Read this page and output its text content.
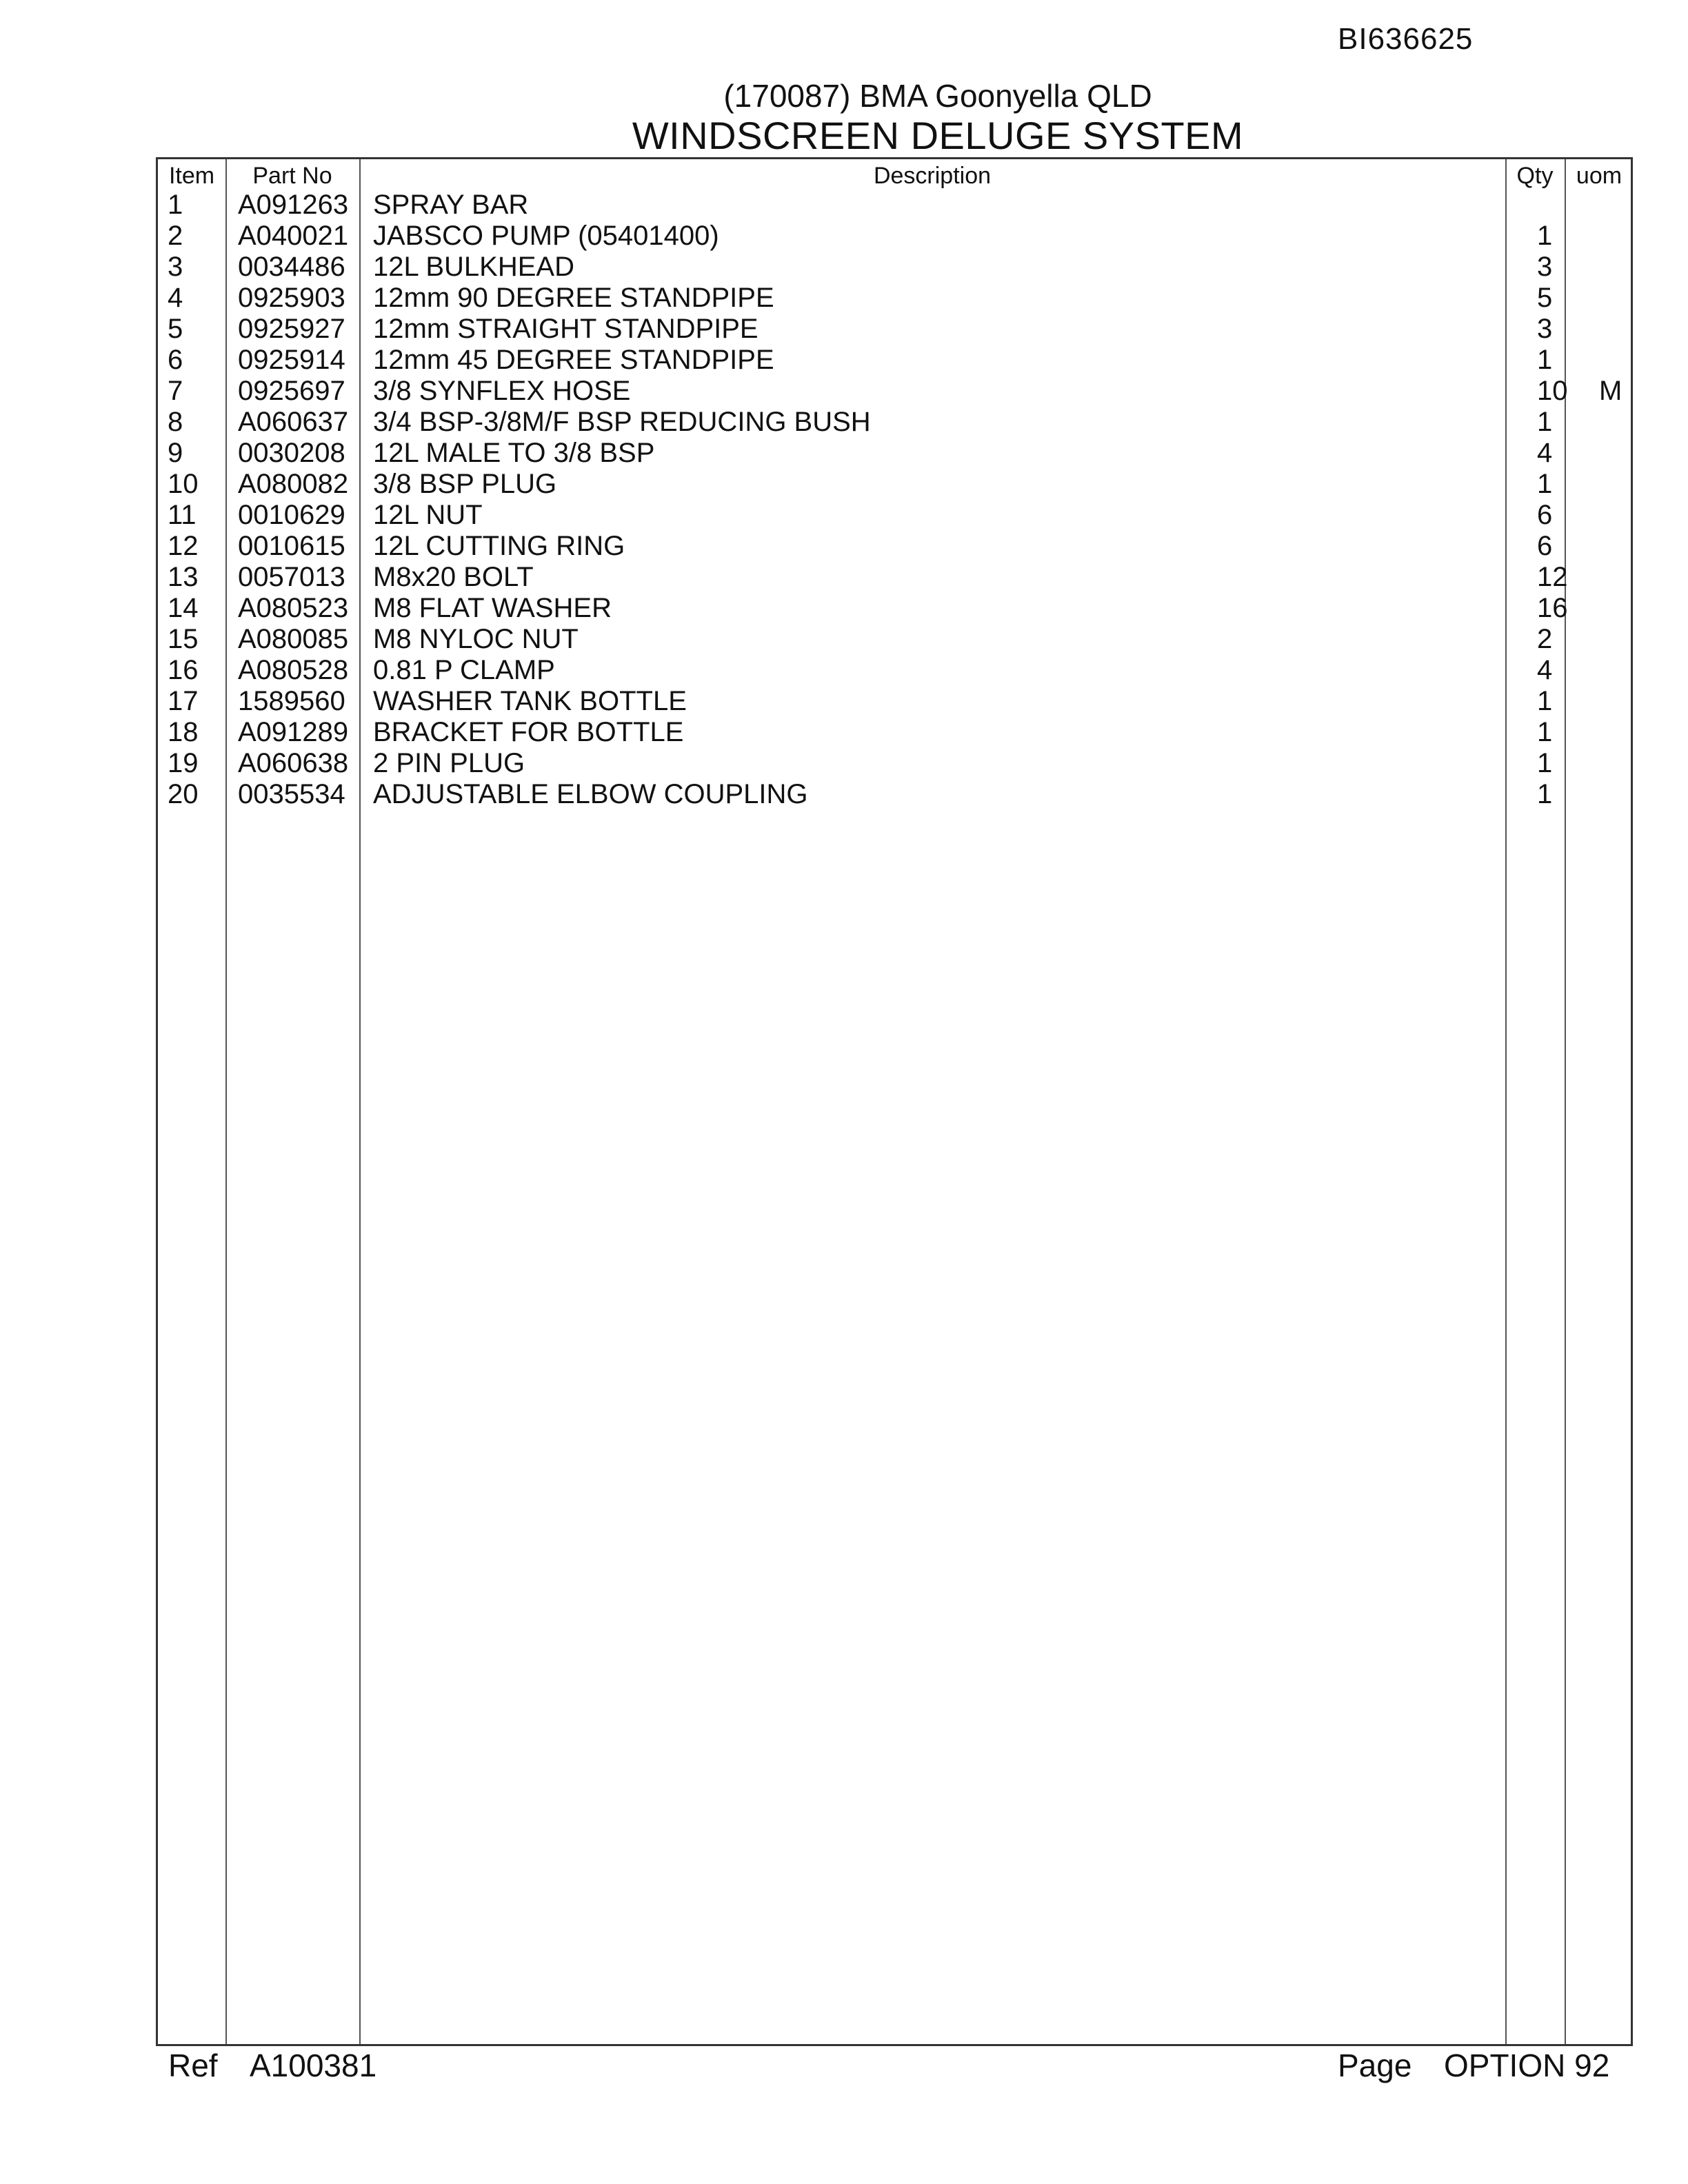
BI636625
(170087) BMA Goonyella QLD
WINDSCREEN DELUGE SYSTEM
Item	Part No	Description	Qty uom
1 A091263 SPRAY BAR
2 A040021 JABSCO PUMP (05401400)	1
3 0034486 12L BULKHEAD	3
4 0925903 12mm 90 DEGREE STANDPIPE	5
5 0925927 12mm STRAIGHT STANDPIPE	3
6 0925914 12mm 45 DEGREE STANDPIPE	1
7 0925697 3/8 SYNFLEX HOSE	10 M
8 A060637 3/4 BSP-3/8M/F BSP REDUCING BUSH	1
9 0030208 12L MALE TO 3/8 BSP	4
10 A080082 3/8 BSP PLUG	1
11 0010629 12L NUT	6
12 0010615 12L CUTTING RING	6
13 0057013 M8x20 BOLT	12
14 A080523 M8 FLAT WASHER	16
15 A080085 M8 NYLOC NUT	2
16 A080528 0.81 P CLAMP	4
17 1589560 WASHER TANK BOTTLE	1
18 A091289 BRACKET FOR BOTTLE	1
19 A060638 2 PIN PLUG	1
20 0035534 ADJUSTABLE ELBOW COUPLING	1
Ref A100381	Page OPTION 92
